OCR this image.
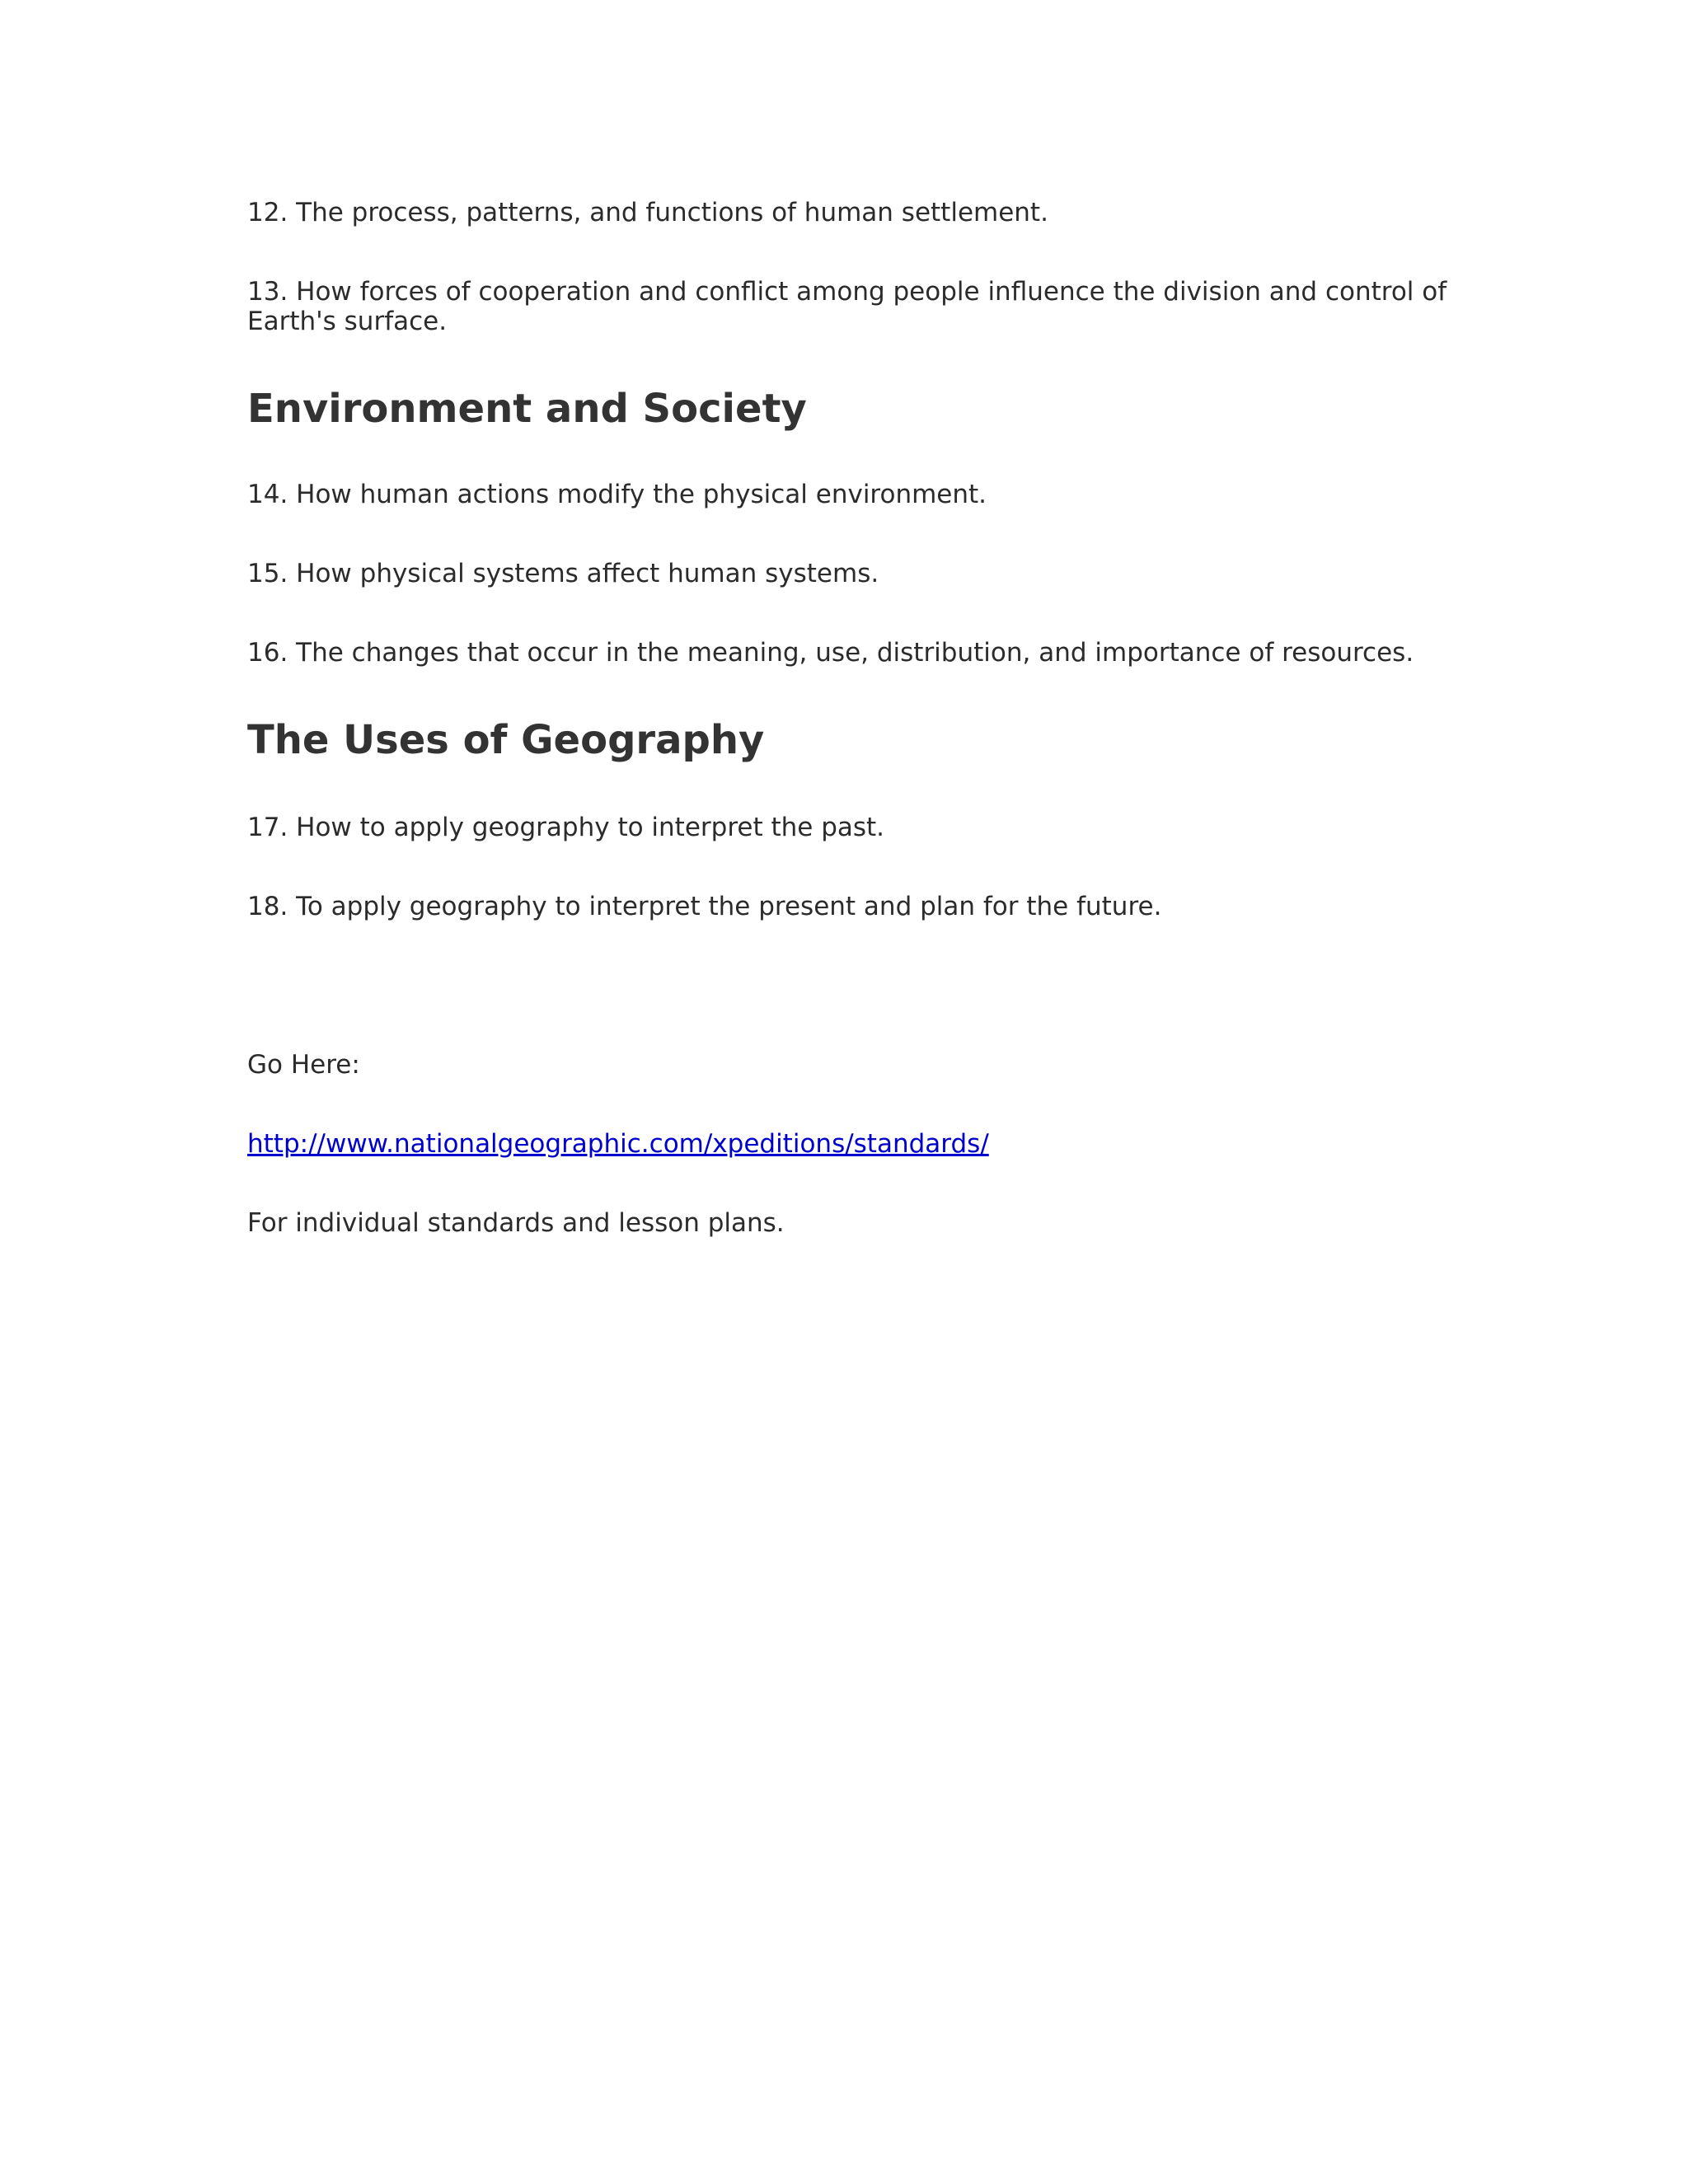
12. The process, patterns, and functions of human settlement.

13. How forces of cooperation and conflict among people influence the division and control of Earth's surface.

Environment and Society

14. How human actions modify the physical environment.

15. How physical systems affect human systems.

16. The changes that occur in the meaning, use, distribution, and importance of resources.

The Uses of Geography

17. How to apply geography to interpret the past.

18. To apply geography to interpret the present and plan for the future.

Go Here:

http://www.nationalgeographic.com/xpeditions/standards/

For individual standards and lesson plans.
